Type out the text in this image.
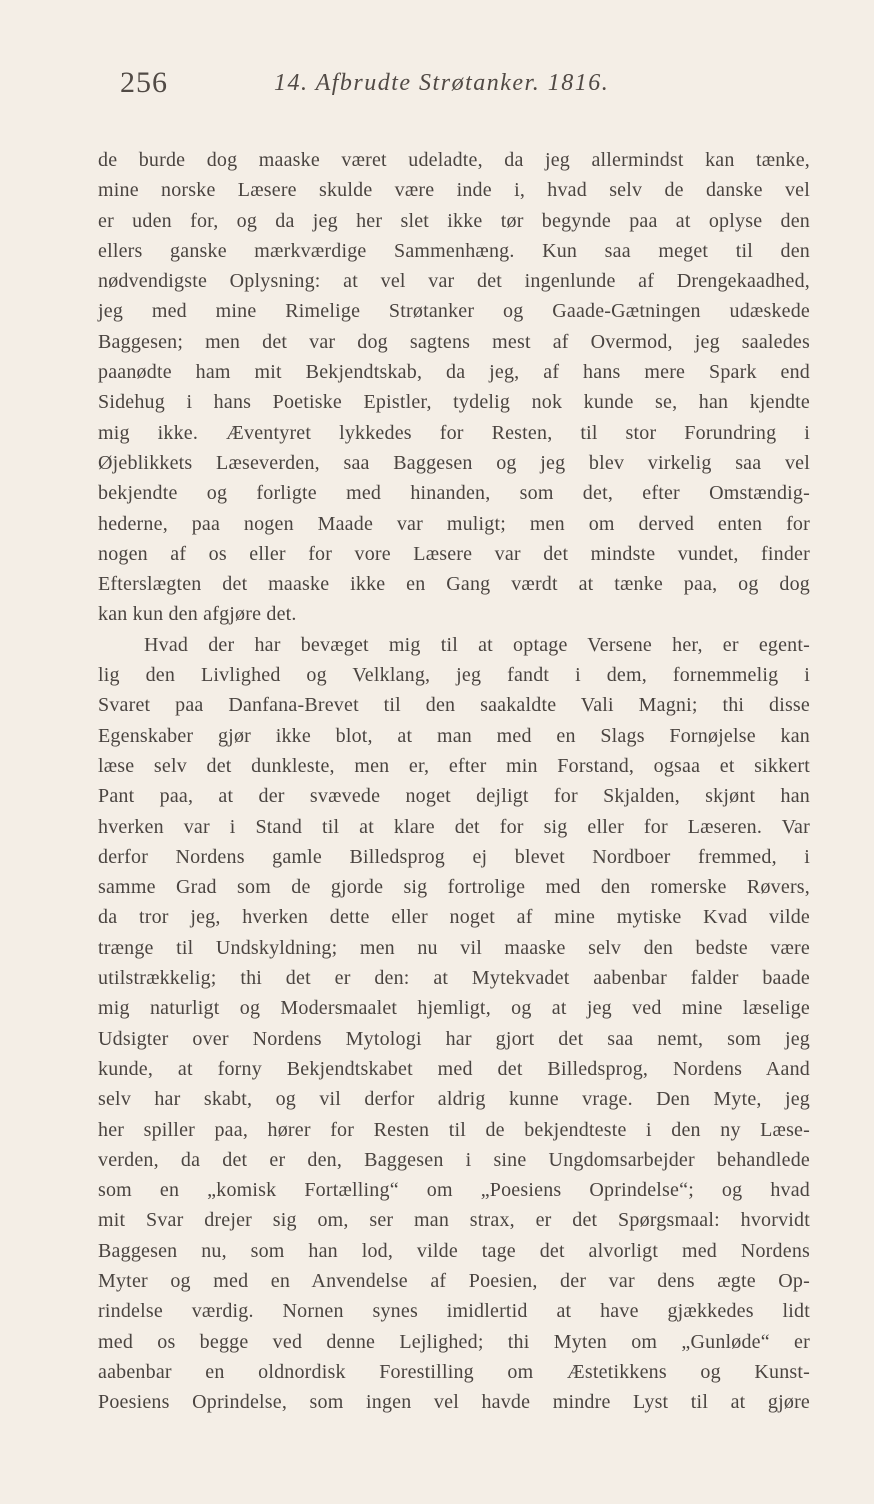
256	14. Afbrudte Strøtanker. 1816.
de burde dog maaske været udeladte, da jeg allermindst kan tænke,
mine norske Læsere skulde være inde i, hvad selv de danske vel
er uden for, og da jeg her slet ikke tør begynde paa at oplyse den
ellers ganske mærkværdige Sammenhæng. Kun saa meget til den
nødvendigste Oplysning: at vel var det ingenlunde af Drengekaadhed,
jeg med mine Rimelige Strøtanker og Gaade-Gætningen udæskede
Baggesen; men det var dog sagtens mest af Overmod, jeg saaledes
paanødte ham mit Bekjendtskab, da jeg, af hans mere Spark end
Sidehug i hans Poetiske Epistler, tydelig nok kunde se, han kjendte
mig ikke. Æventyret lykkedes for Resten, til stor Forundring i
Øjeblikkets Læseverden, saa Baggesen og jeg blev virkelig saa vel
bekjendte og forligte med hinanden, som det, efter Omstændig-
hederne, paa nogen Maade var muligt; men om derved enten for
nogen af os eller for vore Læsere var det mindste vundet, finder
Efterslægten det maaske ikke en Gang værdt at tænke paa, og dog
kan kun den afgjøre det.
Hvad der har bevæget mig til at optage Versene her, er egent-
lig den Livlighed og Velklang, jeg fandt i dem, fornemmelig i
Svaret paa Danfana-Brevet til den saakaldte Vali Magni; thi disse
Egenskaber gjør ikke blot, at man med en Slags Fornøjelse kan
læse selv det dunkleste, men er, efter min Forstand, ogsaa et sikkert
Pant paa, at der svævede noget dejligt for Skjalden, skjønt han
hverken var i Stand til at klare det for sig eller for Læseren. Var
derfor Nordens gamle Billedsprog ej blevet Nordboer fremmed, i
samme Grad som de gjorde sig fortrolige med den romerske Røvers,
da tror jeg, hverken dette eller noget af mine mytiske Kvad vilde
trænge til Undskyldning; men nu vil maaske selv den bedste være
utilstrækkelig; thi det er den: at Mytekvadet aabenbar falder baade
mig naturligt og Modersmaalet hjemligt, og at jeg ved mine læselige
Udsigter over Nordens Mytologi har gjort det saa nemt, som jeg
kunde, at forny Bekjendtskabet med det Billedsprog, Nordens Aand
selv har skabt, og vil derfor aldrig kunne vrage. Den Myte, jeg
her spiller paa, hører for Resten til de bekjendteste i den ny Læse-
verden, da det er den, Baggesen i sine Ungdomsarbejder behandlede
som en „komisk Fortælling“ om „Poesiens Oprindelse“; og hvad
mit Svar drejer sig om, ser man strax, er det Spørgsmaal: hvorvidt
Baggesen nu, som han lod, vilde tage det alvorligt med Nordens
Myter og med en Anvendelse af Poesien, der var dens ægte Op-
rindelse værdig. Nornen synes imidlertid at have gjækkedes lidt
med os begge ved denne Lejlighed; thi Myten om „Gunløde“ er
aabenbar en oldnordisk Forestilling om Æstetikkens og Kunst-
Poesiens Oprindelse, som ingen vel havde mindre Lyst til at gjøre
